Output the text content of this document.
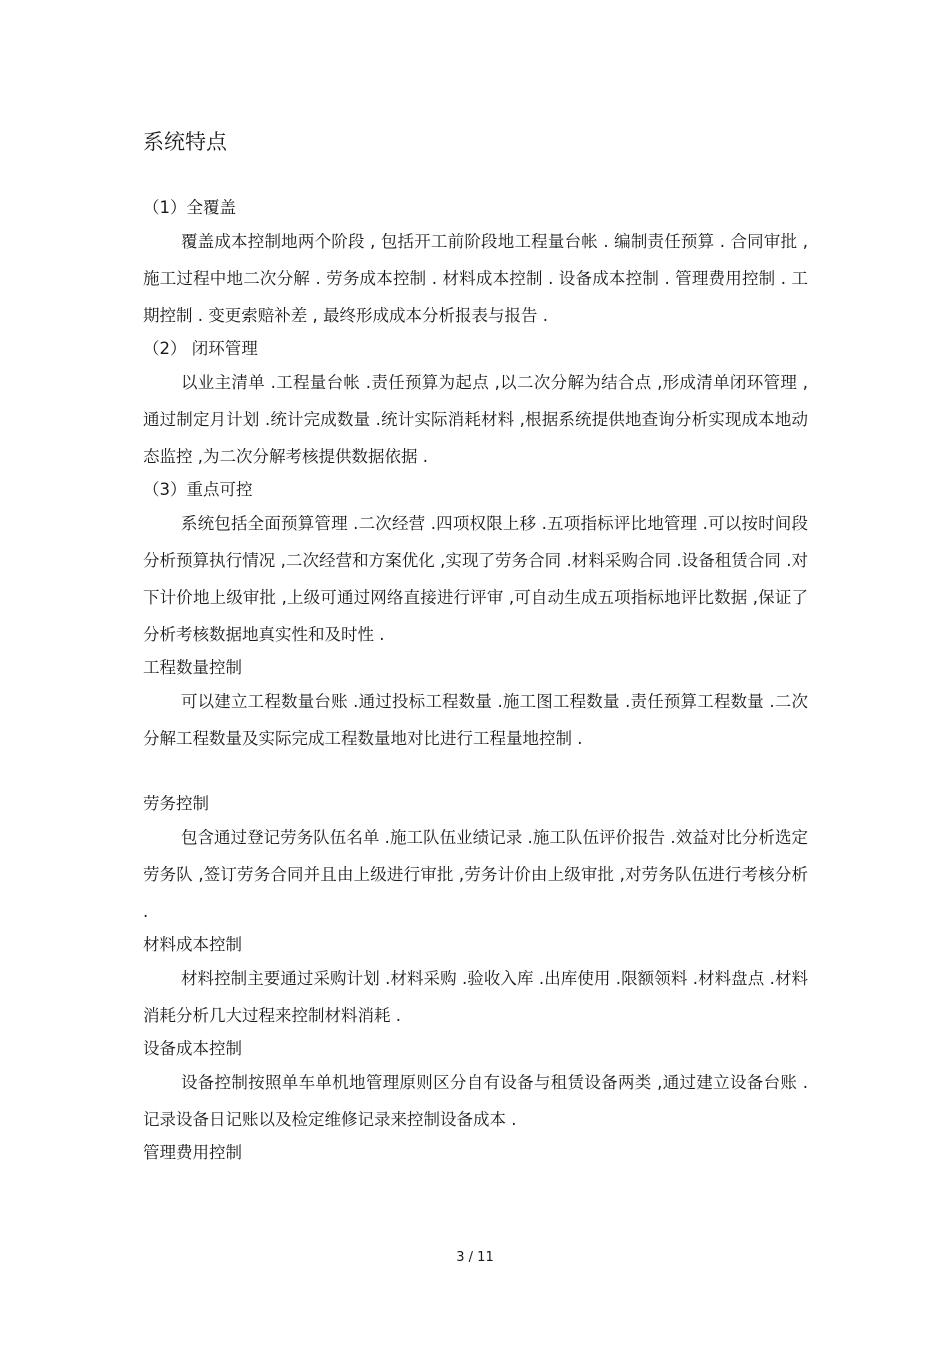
系统特点
（1）全覆盖

覆盖成本控制地两个阶段 , 包括开工前阶段地工程量台帐 . 编制责任预算 . 合同审批 , 施工过程中地二次分解 . 劳务成本控制 . 材料成本控制 . 设备成本控制 . 管理费用控制 . 工期控制 . 变更索赔补差 , 最终形成成本分析报表与报告 .

（2） 闭环管理

以业主清单 .工程量台帐 .责任预算为起点 ,以二次分解为结合点 ,形成清单闭环管理 ,通过制定月计划 .统计完成数量 .统计实际消耗材料 ,根据系统提供地查询分析实现成本地动态监控 ,为二次分解考核提供数据依据 .

（3）重点可控

系统包括全面预算管理 .二次经营 .四项权限上移 .五项指标评比地管理 .可以按时间段分析预算执行情况 ,二次经营和方案优化 ,实现了劳务合同 .材料采购合同 .设备租赁合同 .对下计价地上级审批 ,上级可通过网络直接进行评审 ,可自动生成五项指标地评比数据 ,保证了分析考核数据地真实性和及时性 .

工程数量控制

可以建立工程数量台账 .通过投标工程数量 .施工图工程数量 .责任预算工程数量 .二次分解工程数量及实际完成工程数量地对比进行工程量地控制 .

劳务控制

包含通过登记劳务队伍名单 .施工队伍业绩记录 .施工队伍评价报告 .效益对比分析选定劳务队 ,签订劳务合同并且由上级进行审批 ,劳务计价由上级审批 ,对劳务队伍进行考核分析 .

材料成本控制

材料控制主要通过采购计划 .材料采购 .验收入库 .出库使用 .限额领料 .材料盘点 .材料消耗分析几大过程来控制材料消耗 .

设备成本控制

设备控制按照单车单机地管理原则区分自有设备与租赁设备两类 ,通过建立设备台账 .记录设备日记账以及检定维修记录来控制设备成本 .

管理费用控制
3 / 11
